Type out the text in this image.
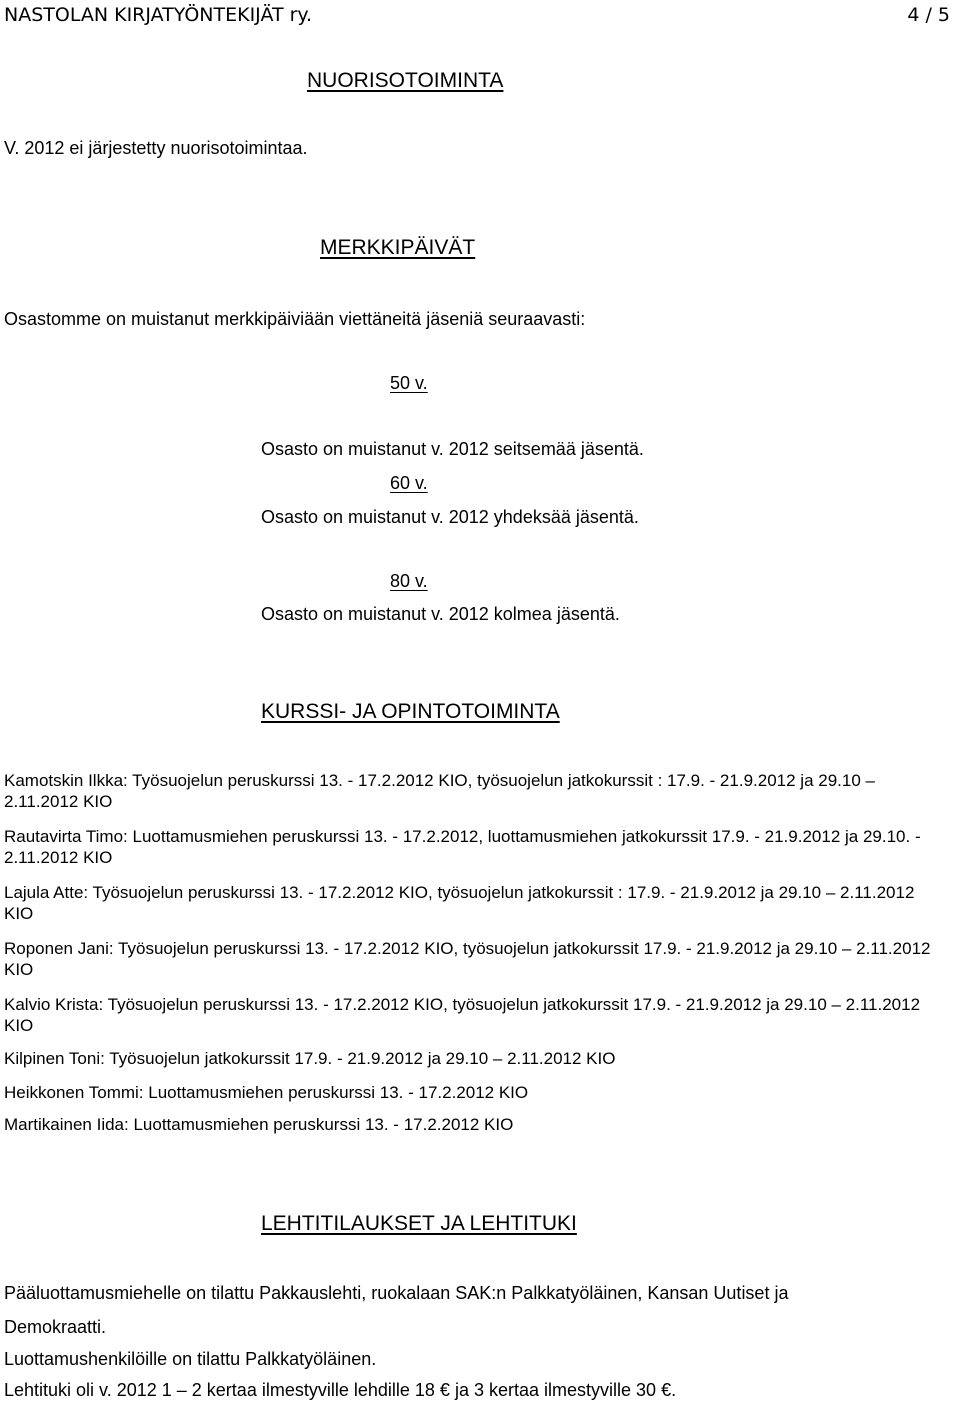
NASTOLAN KIRJATYÖNTEKIJÄT ry.	4 / 5
NUORISOTOIMINTA
V. 2012 ei järjestetty nuorisotoimintaa.
MERKKIPÄIVÄT
Osastomme on muistanut merkkipäiviään viettäneitä jäseniä seuraavasti:
50 v.
Osasto on muistanut v. 2012 seitsemää jäsentä.
60 v.
Osasto on muistanut v. 2012 yhdeksää jäsentä.
80 v.
Osasto on muistanut v. 2012 kolmea jäsentä.
KURSSI- JA OPINTOTOIMINTA
Kamotskin Ilkka: Työsuojelun peruskurssi 13. - 17.2.2012 KIO, työsuojelun jatkokurssit : 17.9. - 21.9.2012 ja 29.10 – 2.11.2012 KIO
Rautavirta Timo: Luottamusmiehen peruskurssi 13. - 17.2.2012, luottamusmiehen jatkokurssit 17.9. - 21.9.2012 ja 29.10. - 2.11.2012 KIO
Lajula Atte: Työsuojelun peruskurssi 13. - 17.2.2012 KIO, työsuojelun jatkokurssit : 17.9. - 21.9.2012 ja 29.10 – 2.11.2012 KIO
Roponen Jani: Työsuojelun peruskurssi 13. - 17.2.2012 KIO, työsuojelun jatkokurssit 17.9. - 21.9.2012 ja 29.10 – 2.11.2012 KIO
Kalvio Krista: Työsuojelun peruskurssi 13. - 17.2.2012 KIO, työsuojelun jatkokurssit 17.9. - 21.9.2012 ja 29.10 – 2.11.2012 KIO
Kilpinen Toni: Työsuojelun jatkokurssit 17.9. - 21.9.2012 ja 29.10 – 2.11.2012 KIO
Heikkonen Tommi: Luottamusmiehen peruskurssi 13. - 17.2.2012 KIO
Martikainen Iida: Luottamusmiehen peruskurssi 13. - 17.2.2012 KIO
LEHTITILAUKSET JA LEHTITUKI
Pääluottamusmiehelle on tilattu Pakkauslehti, ruokalaan SAK:n Palkkatyöläinen, Kansan Uutiset ja
Demokraatti.
Luottamushenkilöille on tilattu Palkkatyöläinen.
Lehtituki oli v. 2012 1 – 2 kertaa ilmestyville lehdille 18 € ja 3 kertaa ilmestyville 30 €.
